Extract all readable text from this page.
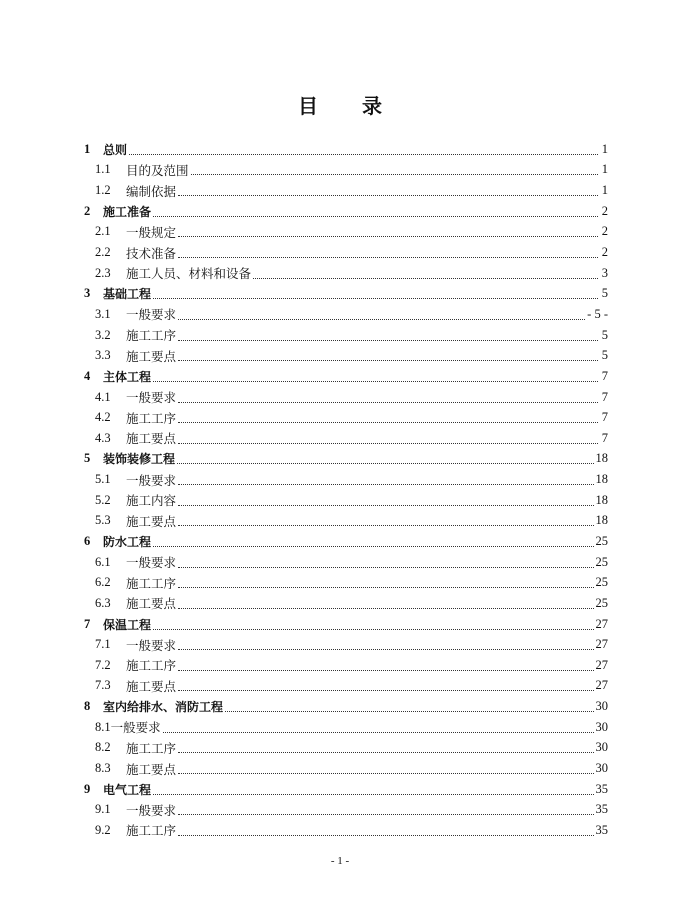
目 录
1	总则	1
1.1	目的及范围	1
1.2	编制依据	1
2	施工准备	2
2.1	一般规定	2
2.2	技术准备	2
2.3	施工人员、材料和设备	3
3	基础工程	5
3.1	一般要求	- 5 -
3.2	施工工序	5
3.3	施工要点	5
4	主体工程	7
4.1	一般要求	7
4.2	施工工序	7
4.3	施工要点	7
5	装饰装修工程	18
5.1	一般要求	18
5.2	施工内容	18
5.3	施工要点	18
6	防水工程	25
6.1	一般要求	25
6.2	施工工序	25
6.3	施工要点	25
7	保温工程	27
7.1	一般要求	27
7.2	施工工序	27
7.3	施工要点	27
8	室内给排水、消防工程	30
8.1 一般要求	30
8.2	施工工序	30
8.3	施工要点	30
9	电气工程	35
9.1	一般要求	35
9.2	施工工序	35
- 1 -
